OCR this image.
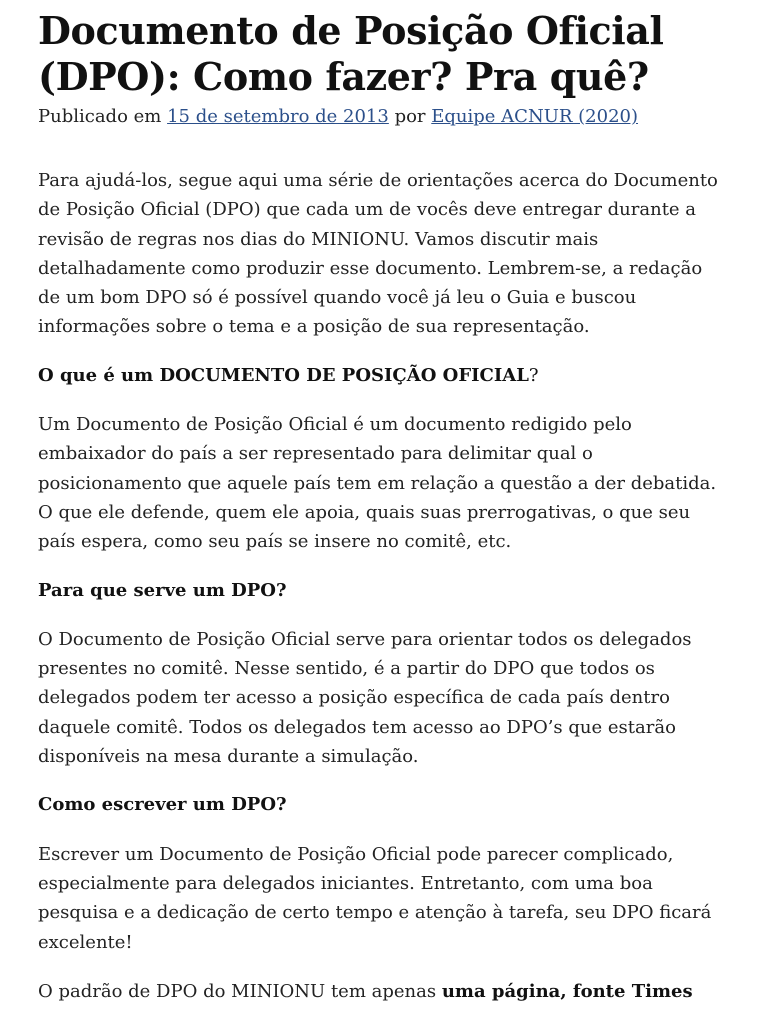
Documento de Posição Oficial (DPO): Como fazer? Pra quê?
Publicado em 15 de setembro de 2013 por Equipe ACNUR (2020)

Para ajudá-los, segue aqui uma série de orientações acerca do Documento de Posição Oficial (DPO) que cada um de vocês deve entregar durante a revisão de regras nos dias do MINIONU. Vamos discutir mais detalhadamente como produzir esse documento. Lembrem-se, a redação de um bom DPO só é possível quando você já leu o Guia e buscou informações sobre o tema e a posição de sua representação.

O que é um DOCUMENTO DE POSIÇÃO OFICIAL?

Um Documento de Posição Oficial é um documento redigido pelo embaixador do país a ser representado para delimitar qual o posicionamento que aquele país tem em relação a questão a der debatida. O que ele defende, quem ele apoia, quais suas prerrogativas, o que seu país espera, como seu país se insere no comitê, etc.

Para que serve um DPO?

O Documento de Posição Oficial serve para orientar todos os delegados presentes no comitê. Nesse sentido, é a partir do DPO que todos os delegados podem ter acesso a posição específica de cada país dentro daquele comitê. Todos os delegados tem acesso ao DPO’s que estarão disponíveis na mesa durante a simulação.

Como escrever um DPO?

Escrever um Documento de Posição Oficial pode parecer complicado, especialmente para delegados iniciantes. Entretanto, com uma boa pesquisa e a dedicação de certo tempo e atenção à tarefa, seu DPO ficará excelente!

O padrão de DPO do MINIONU tem apenas uma página, fonte Times
